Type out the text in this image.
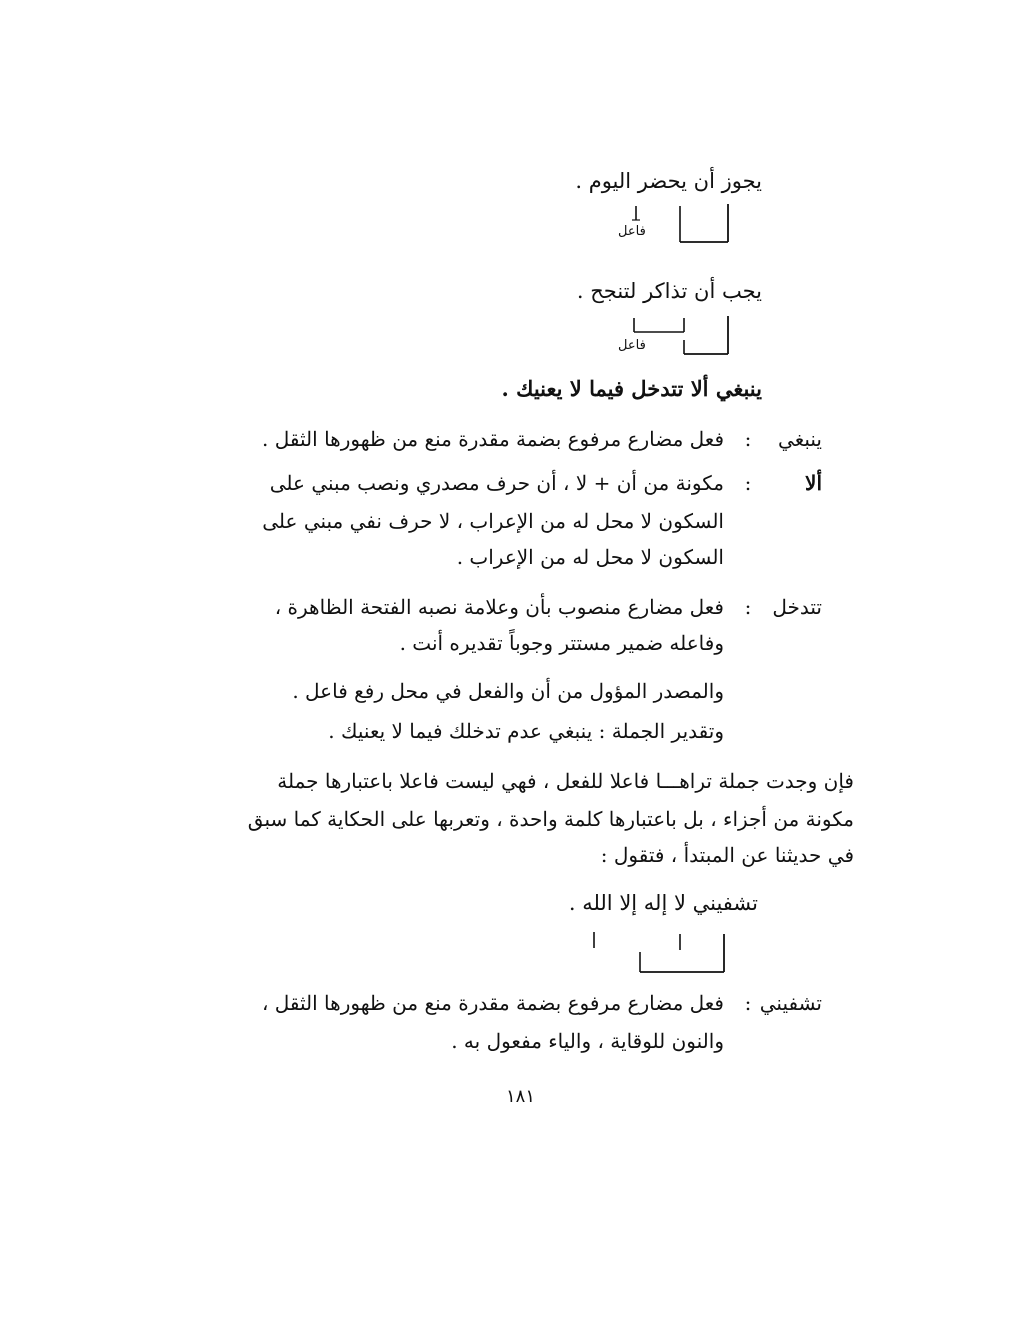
يجوز أن يحضر اليوم .
فاعل
يجب أن تذاكر لتنجح .
فاعل
ينبغي ألا تتدخل فيما لا يعنيك .
ينبغي
:
فعل مضارع مرفوع بضمة مقدرة منع من ظهورها الثقل .
ألا
:
مكونة من أن + لا ، أن حرف مصدري ونصب مبني على
السكون لا محل له من الإعراب ، لا حرف نفي مبني على
السكون لا محل له من الإعراب .
تتدخل
:
فعل مضارع منصوب بأن وعلامة نصبه الفتحة الظاهرة ،
وفاعله ضمير مستتر وجوباً تقديره أنت .
والمصدر المؤول من أن والفعل في محل رفع فاعل .
وتقدير الجملة : ينبغي عدم تدخلك فيما لا يعنيك .
فإن وجدت جملة تراهـــا فاعلا للفعل ، فهي ليست فاعلا باعتبارها جملة
مكونة من أجزاء ، بل باعتبارها كلمة واحدة ، وتعربها على الحكاية كما سبق
في حديثنا عن المبتدأ ، فتقول :
تشفيني لا إله إلا الله .
تشفيني
:
فعل مضارع مرفوع بضمة مقدرة منع من ظهورها الثقل ،
والنون للوقاية ، والياء مفعول به .
١٨١
